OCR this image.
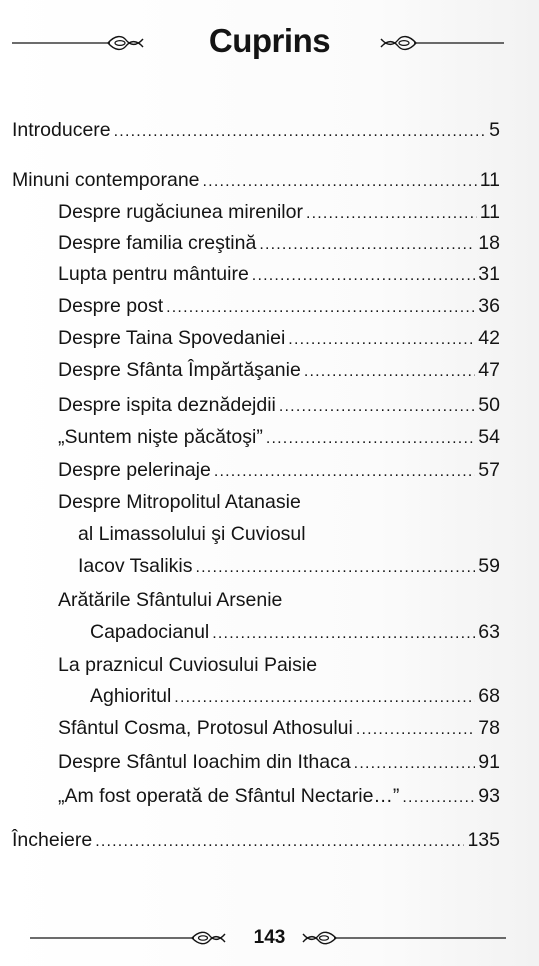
Cuprins
Introducere .....	5
Minuni contemporane .....	11
Despre rugăciunea mirenilor .....	11
Despre familia creştină .....	18
Lupta pentru mântuire .....	31
Despre post .....	36
Despre Taina Spovedaniei .....	42
Despre Sfânta Împărtăşanie .....	47
Despre ispita deznădejdii .....	50
„Suntem nişte păcătoşi” .....	54
Despre pelerinaje .....	57
Despre Mitropolitul Atanasie
al Limassolului şi Cuviosul
Iacov Tsalikis .....	59
Arătările Sfântului Arsenie
Capadocianul .....	63
La praznicul Cuviosului Paisie
Aghioritul .....	68
Sfântul Cosma, Protosul Athosului .....	78
Despre Sfântul Ioachim din Ithaca .....	91
„Am fost operată de Sfântul Nectarie…” .....	93
Încheiere .....	135
143
